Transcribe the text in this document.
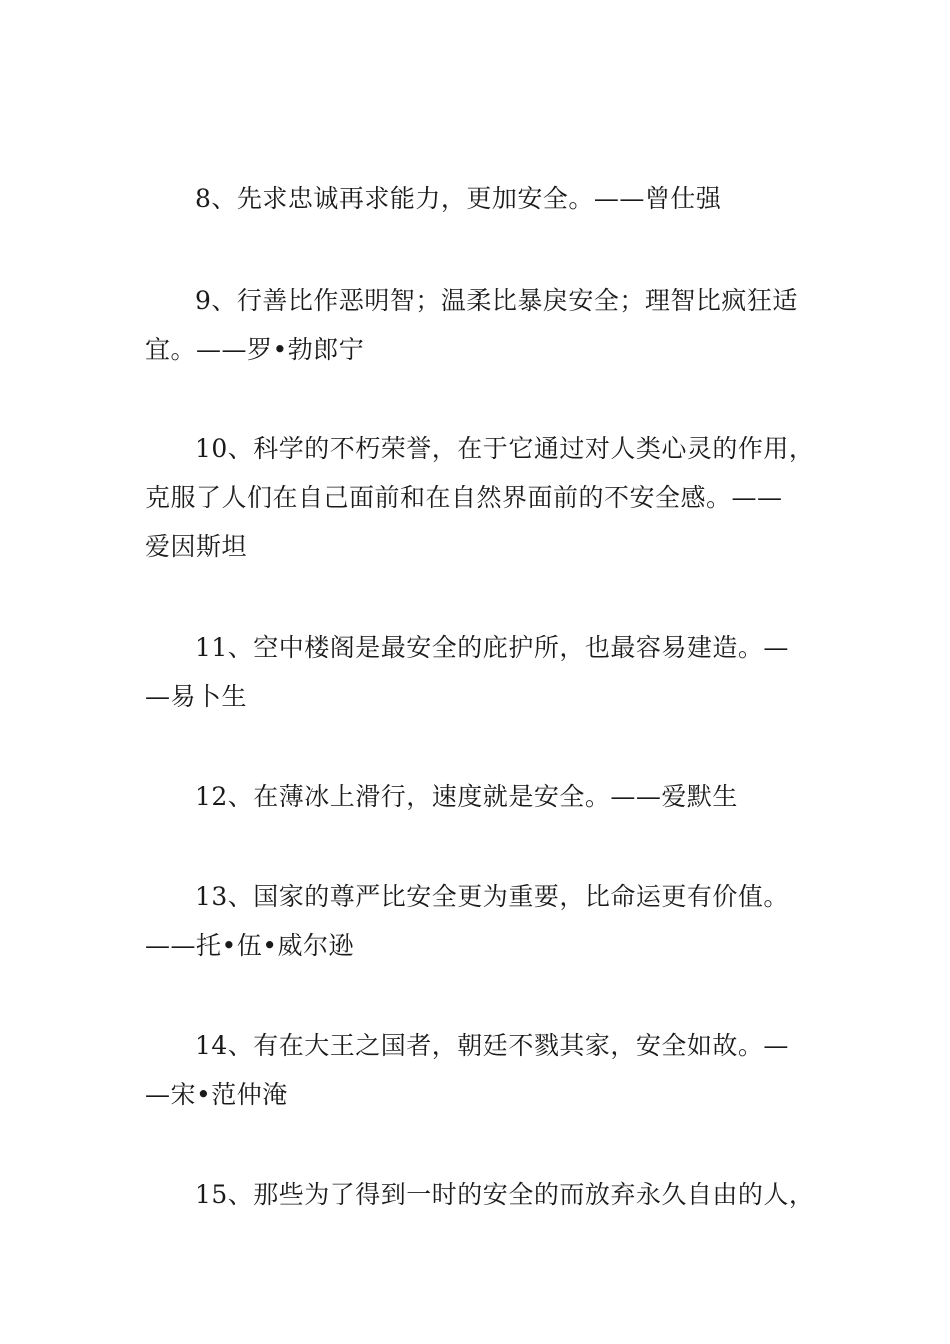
8、先求忠诚再求能力，更加安全。——曾仕强

9、行善比作恶明智；温柔比暴戾安全；理智比疯狂适
宜。——罗•勃郎宁

10、科学的不朽荣誉，在于它通过对人类心灵的作用，
克服了人们在自己面前和在自然界面前的不安全感。——
爱因斯坦

11、空中楼阁是最安全的庇护所，也最容易建造。—
—易卜生

12、在薄冰上滑行，速度就是安全。——爱默生

13、国家的尊严比安全更为重要，比命运更有价值。
——托•伍•威尔逊

14、有在大王之国者，朝廷不戮其家，安全如故。—
—宋•范仲淹

15、那些为了得到一时的安全的而放弃永久自由的人，
